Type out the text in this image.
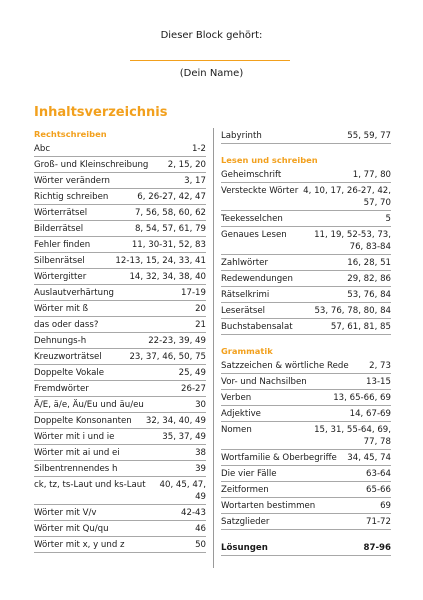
Dieser Block gehört:
(Dein Name)
Inhaltsverzeichnis
Rechtschreiben
Abc	1-2
Groß- und Kleinschreibung	2, 15, 20
Wörter verändern	3, 17
Richtig schreiben	6, 26-27, 42, 47
Wörterrätsel	7, 56, 58, 60, 62
Bilderrätsel	8, 54, 57, 61, 79
Fehler finden	11, 30-31, 52, 83
Silbenrätsel	12-13, 15, 24, 33, 41
Wörtergitter	14, 32, 34, 38, 40
Auslautverhärtung	17-19
Wörter mit ß	20
das oder dass?	21
Dehnungs-h	22-23, 39, 49
Kreuzworträtsel	23, 37, 46, 50, 75
Doppelte Vokale	25, 49
Fremdwörter	26-27
Ä/E, ä/e, Äu/Eu und äu/eu	30
Doppelte Konsonanten	32, 34, 40, 49
Wörter mit i und ie	35, 37, 49
Wörter mit ai und ei	38
Silbentrennendes h	39
ck, tz, ts-Laut und ks-Laut	40, 45, 47, 49
Wörter mit V/v	42-43
Wörter mit Qu/qu	46
Wörter mit x, y und z	50
Labyrinth	55, 59, 77
Lesen und schreiben
Geheimschrift	1, 77, 80
Versteckte Wörter 4, 10, 17, 26-27, 42, 57, 70
Teekesselchen	5
Genaues Lesen	11, 19, 52-53, 73, 76, 83-84
Zahlwörter	16, 28, 51
Redewendungen	29, 82, 86
Rätselkrimi	53, 76, 84
Leserätsel	53, 76, 78, 80, 84
Buchstabensalat	57, 61, 81, 85
Grammatik
Satzzeichen & wörtliche Rede	2, 73
Vor- und Nachsilben	13-15
Verben	13, 65-66, 69
Adjektive	14, 67-69
Nomen	15, 31, 55-64, 69, 77, 78
Wortfamilie & Oberbegriffe	34, 45, 74
Die vier Fälle	63-64
Zeitformen	65-66
Wortarten bestimmen	69
Satzglieder	71-72
Lösungen	87-96
